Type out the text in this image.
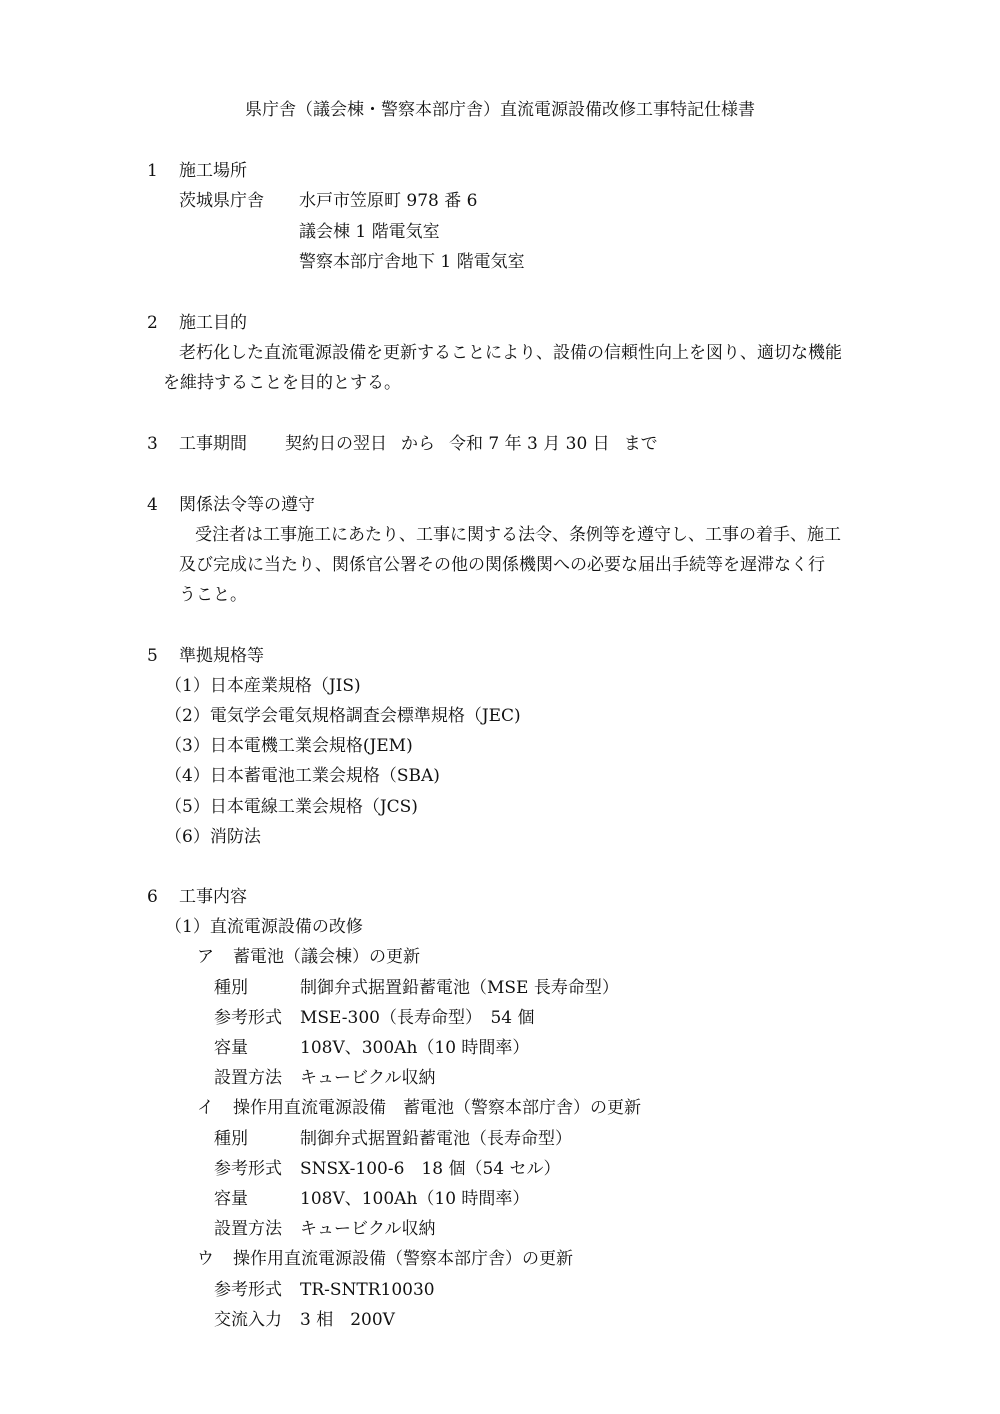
県庁舎（議会棟・警察本部庁舎）直流電源設備改修工事特記仕様書
1 施工場所
茨城県庁舎 水戸市笠原町 978 番 6
議会棟 1 階電気室
警察本部庁舎地下 1 階電気室
2 施工目的
老朽化した直流電源設備を更新することにより、設備の信頼性向上を図り、適切な機能
を維持することを目的とする。
3 工事期間 契約日の翌日 から 令和 7 年 3 月 30 日 まで
4 関係法令等の遵守
受注者は工事施工にあたり、工事に関する法令、条例等を遵守し、工事の着手、施工
及び完成に当たり、関係官公署その他の関係機関への必要な届出手続等を遅滞なく行
うこと。
5 準拠規格等
（1）日本産業規格（JIS)
（2）電気学会電気規格調査会標準規格（JEC)
（3）日本電機工業会規格(JEM)
（4）日本蓄電池工業会規格（SBA)
（5）日本電線工業会規格（JCS)
（6）消防法
6 工事内容
（1）直流電源設備の改修
ア 蓄電池（議会棟）の更新
種別	制御弁式据置鉛蓄電池（MSE 長寿命型）
参考形式 MSE-300（長寿命型）　54 個
容量	108V、300Ah（10 時間率）
設置方法 キュービクル収納
イ 操作用直流電源設備　蓄電池（警察本部庁舎）の更新
種別	制御弁式据置鉛蓄電池（長寿命型）
参考形式 SNSX-100-6　18 個（54 セル）
容量	108V、100Ah（10 時間率）
設置方法 キュービクル収納
ウ 操作用直流電源設備（警察本部庁舎）の更新
参考形式 TR-SNTR10030
交流入力 3 相　200V
